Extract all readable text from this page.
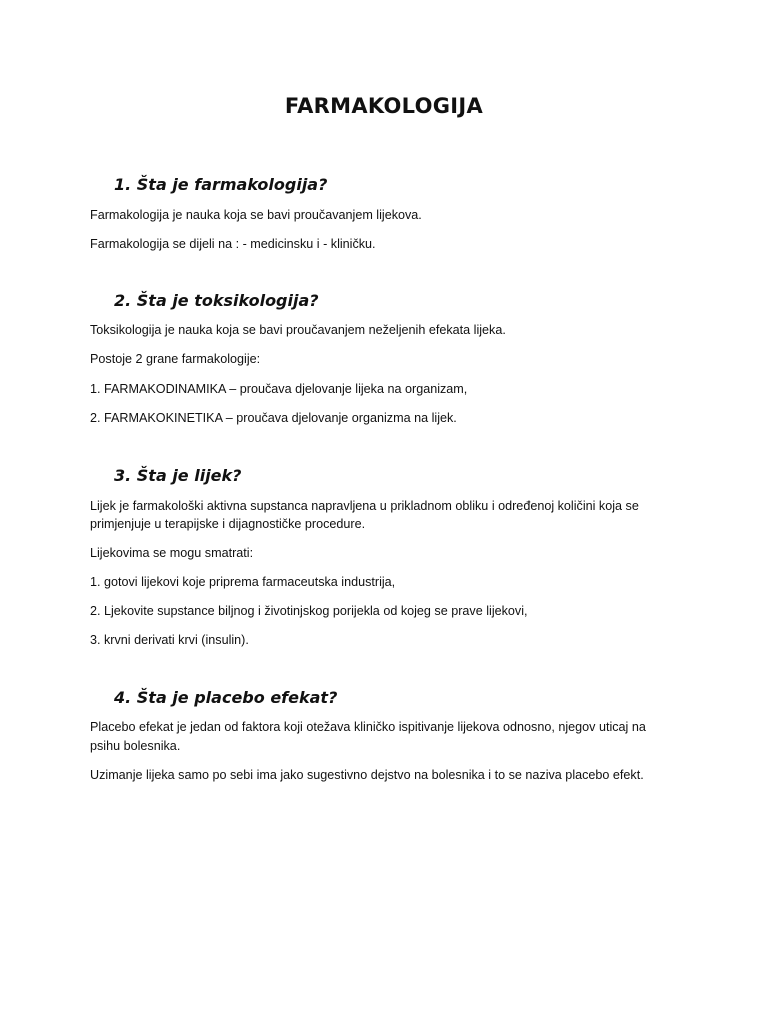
FARMAKOLOGIJA
1. Šta je farmakologija?

Farmakologija je nauka koja se bavi proučavanjem lijekova.

Farmakologija se dijeli na : - medicinsku i - kliničku.

2. Šta je toksikologija?

Toksikologija je nauka koja se bavi proučavanjem neželjenih efekata lijeka.

Postoje 2 grane farmakologije:

1. FARMAKODINAMIKA – proučava djelovanje lijeka na organizam,

2. FARMAKOKINETIKA – proučava djelovanje organizma na lijek.

3. Šta je lijek?

Lijek je farmakološki aktivna supstanca napravljena u prikladnom obliku i određenoj količini koja se

primjenjuje u terapijske i dijagnostičke procedure.

Lijekovima se mogu smatrati:

1. gotovi lijekovi koje priprema farmaceutska industrija,

2. Ljekovite supstance biljnog i životinjskog porijekla od kojeg se prave lijekovi,

3. krvni derivati krvi (insulin).

4. Šta je placebo efekat?

Placebo efekat je jedan od faktora koji otežava kliničko ispitivanje lijekova odnosno, njegov uticaj na

psihu bolesnika.

Uzimanje lijeka samo po sebi ima jako sugestivno dejstvo na bolesnika i to se naziva placebo efekt.
